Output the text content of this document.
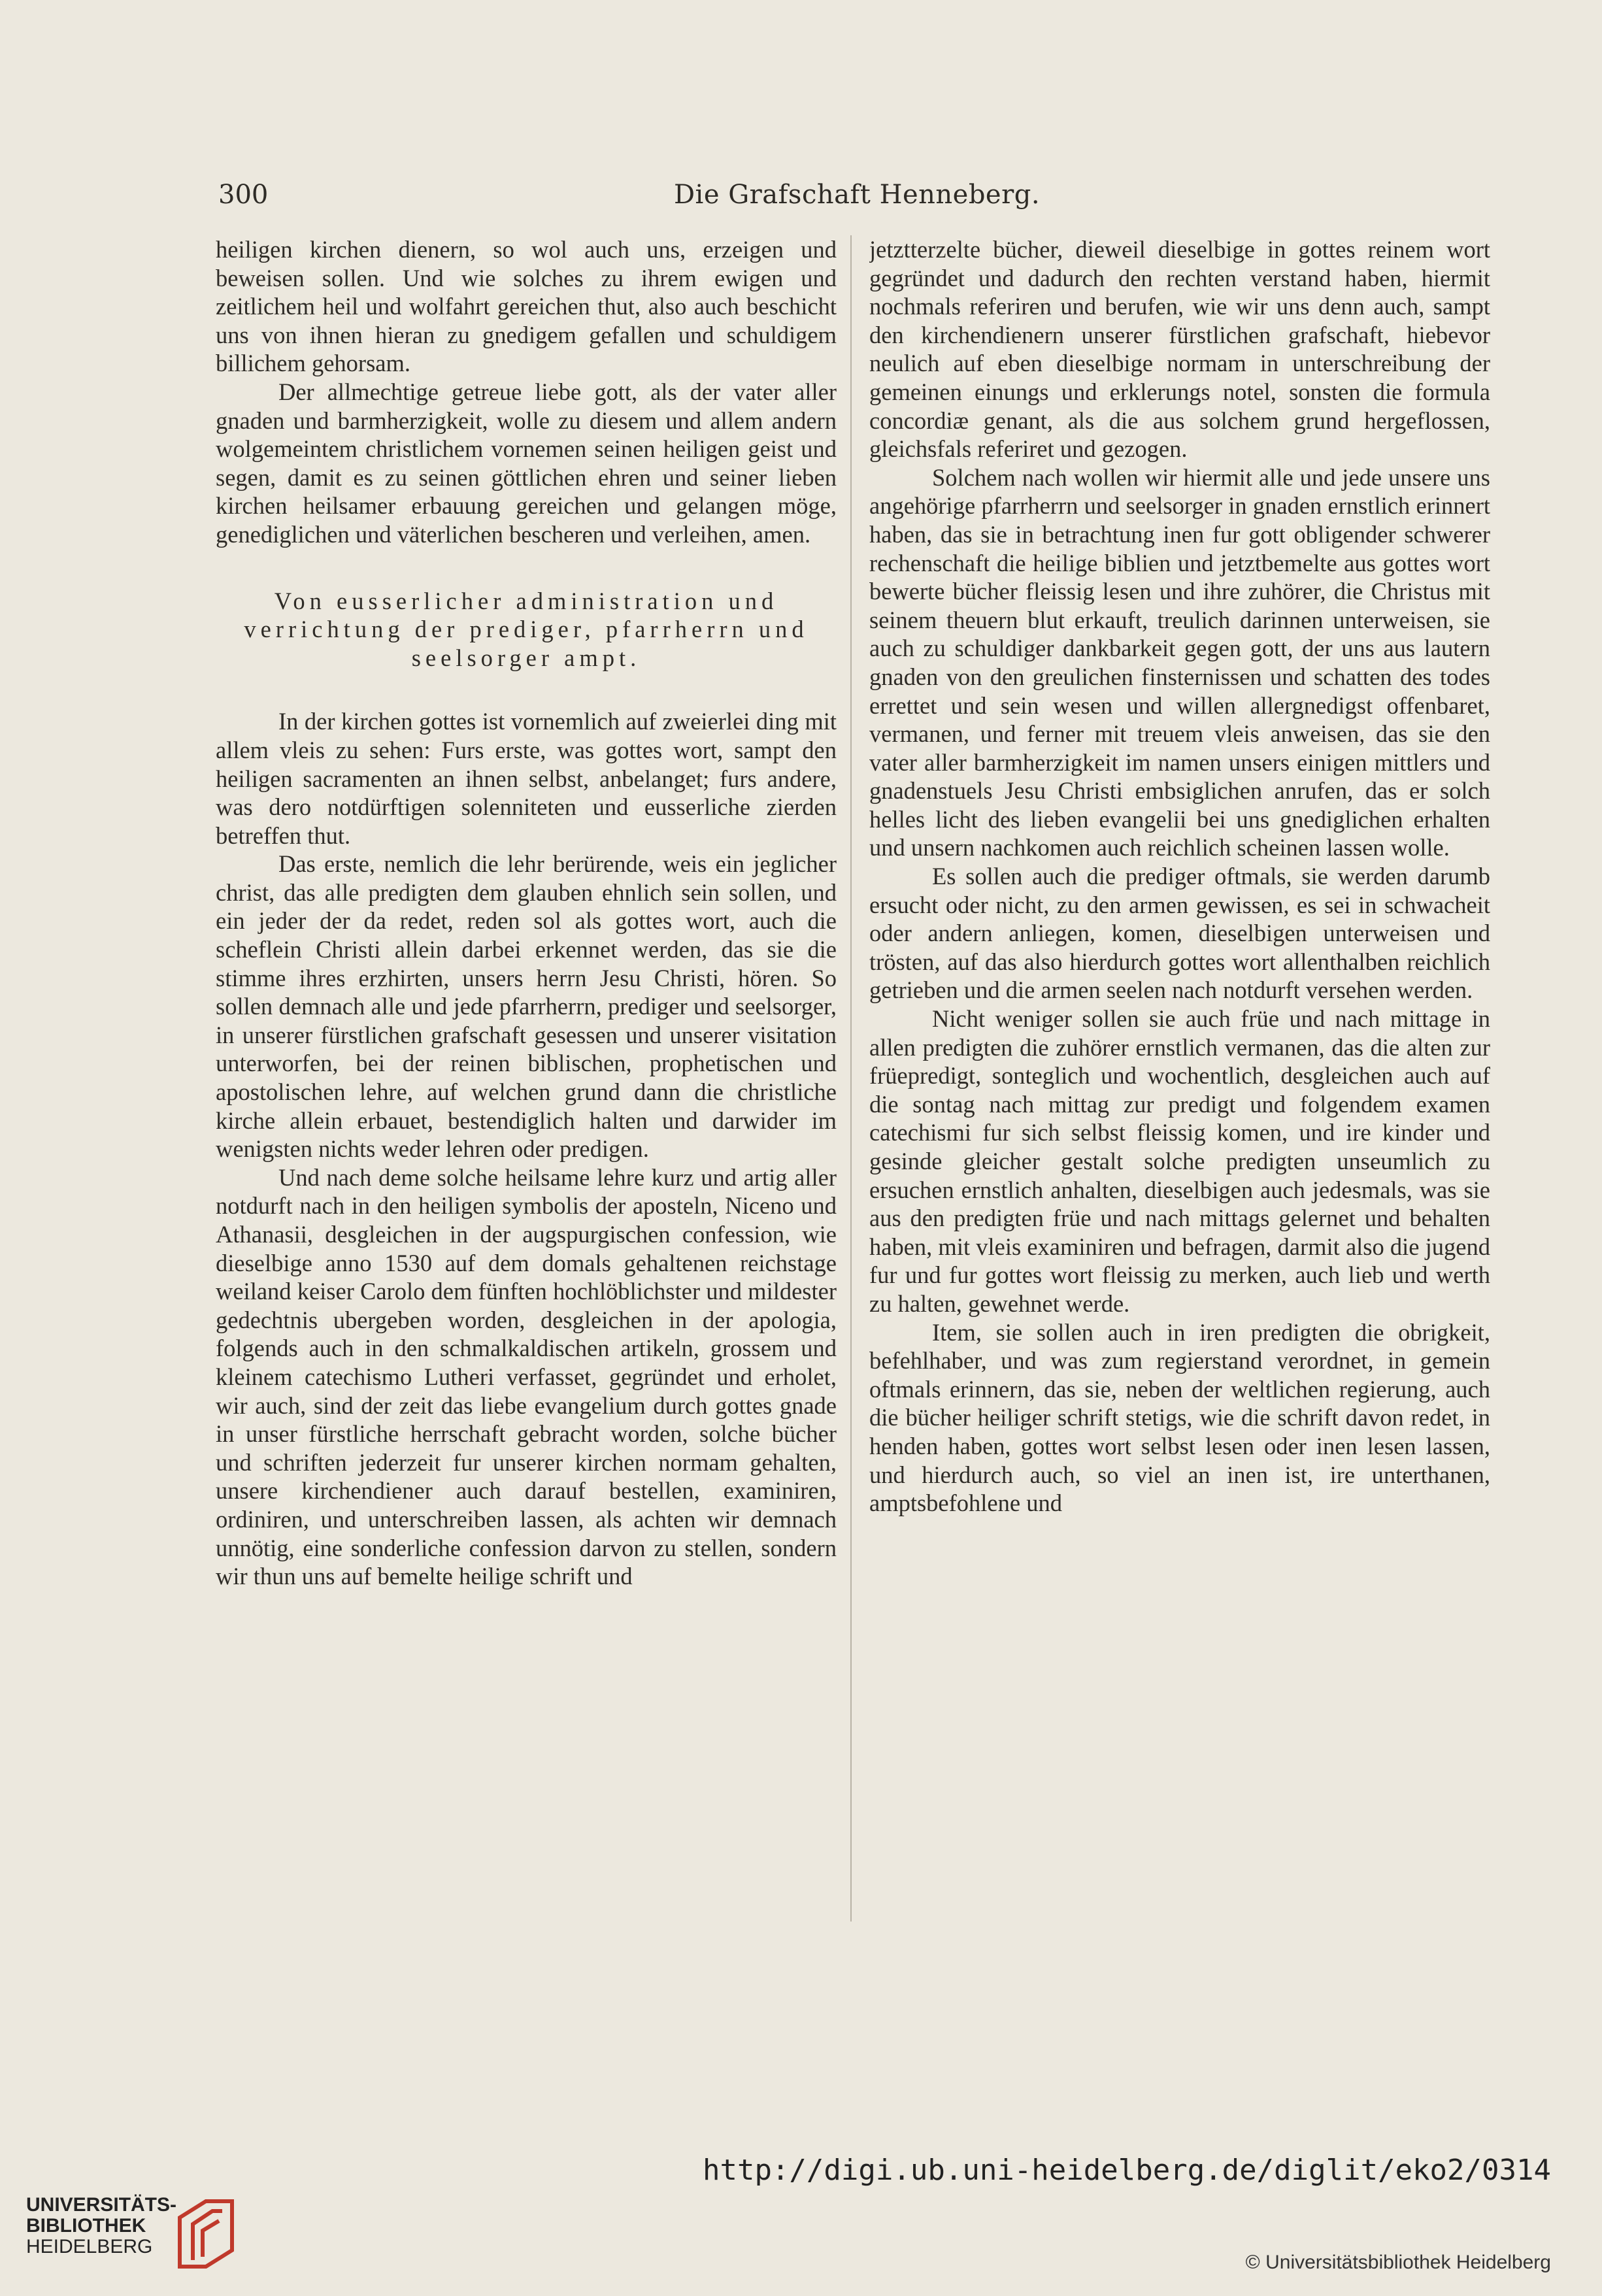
300	Die Grafschaft Henneberg.

heiligen kirchen dienern, so wol auch uns, erzeigen und beweisen sollen. Und wie solches zu ihrem ewigen und zeitlichem heil und wolfahrt gereichen thut, also auch beschicht uns von ihnen hieran zu gnedigem gefallen und schuldigem billichem gehorsam.

Der allmechtige getreue liebe gott, als der vater aller gnaden und barmherzigkeit, wolle zu diesem und allem andern wolgemeintem christlichem vornemen seinen heiligen geist und segen, damit es zu seinen göttlichen ehren und seiner lieben kirchen heilsamer erbauung gereichen und gelangen möge, genediglichen und väterlichen bescheren und verleihen, amen.

Von eusserlicher administration und verrichtung der prediger, pfarrherrn und seelsorger ampt.

In der kirchen gottes ist vornemlich auf zweierlei ding mit allem vleis zu sehen: Furs erste, was gottes wort, sampt den heiligen sacramenten an ihnen selbst, anbelanget; furs andere, was dero notdürftigen solenniteten und eusserliche zierden betreffen thut.

Das erste, nemlich die lehr berürende, weis ein jeglicher christ, das alle predigten dem glauben ehnlich sein sollen, und ein jeder der da redet, reden sol als gottes wort, auch die scheflein Christi allein darbei erkennet werden, das sie die stimme ihres erzhirten, unsers herrn Jesu Christi, hören. So sollen demnach alle und jede pfarrherrn, prediger und seelsorger, in unserer fürstlichen grafschaft gesessen und unserer visitation unterworfen, bei der reinen biblischen, prophetischen und apostolischen lehre, auf welchen grund dann die christliche kirche allein erbauet, bestendiglich halten und darwider im wenigsten nichts weder lehren oder predigen.

Und nach deme solche heilsame lehre kurz und artig aller notdurft nach in den heiligen symbolis der aposteln, Niceno und Athanasii, desgleichen in der augspurgischen confession, wie dieselbige anno 1530 auf dem domals gehaltenen reichstage weiland keiser Carolo dem fünften hochlöblichster und mildester gedechtnis ubergeben worden, desgleichen in der apologia, folgends auch in den schmalkaldischen artikeln, grossem und kleinem catechismo Lutheri verfasset, gegründet und erholet, wir auch, sind der zeit das liebe evangelium durch gottes gnade in unser fürstliche herrschaft gebracht worden, solche bücher und schriften jederzeit fur unserer kirchen normam gehalten, unsere kirchendiener auch darauf bestellen, examiniren, ordiniren, und unterschreiben lassen, als achten wir demnach unnötig, eine sonderliche confession darvon zu stellen, sondern wir thun uns auf bemelte heilige schrift und

jetztterzelte bücher, dieweil dieselbige in gottes reinem wort gegründet und dadurch den rechten verstand haben, hiermit nochmals referiren und berufen, wie wir uns denn auch, sampt den kirchendienern unserer fürstlichen grafschaft, hiebevor neulich auf eben dieselbige normam in unterschreibung der gemeinen einungs und erklerungs notel, sonsten die formula concordiæ genant, als die aus solchem grund hergeflossen, gleichsfals referiret und gezogen.

Solchem nach wollen wir hiermit alle und jede unsere uns angehörige pfarrherrn und seelsorger in gnaden ernstlich erinnert haben, das sie in betrachtung inen fur gott obligender schwerer rechenschaft die heilige biblien und jetztbemelte aus gottes wort bewerte bücher fleissig lesen und ihre zuhörer, die Christus mit seinem theuern blut erkauft, treulich darinnen unterweisen, sie auch zu schuldiger dankbarkeit gegen gott, der uns aus lautern gnaden von den greulichen finsternissen und schatten des todes errettet und sein wesen und willen allergnedigst offenbaret, vermanen, und ferner mit treuem vleis anweisen, das sie den vater aller barmherzigkeit im namen unsers einigen mittlers und gnadenstuels Jesu Christi embsiglichen anrufen, das er solch helles licht des lieben evangelii bei uns gnediglichen erhalten und unsern nachkomen auch reichlich scheinen lassen wolle.

Es sollen auch die prediger oftmals, sie werden darumb ersucht oder nicht, zu den armen gewissen, es sei in schwacheit oder andern anliegen, komen, dieselbigen unterweisen und trösten, auf das also hierdurch gottes wort allenthalben reichlich getrieben und die armen seelen nach notdurft versehen werden.

Nicht weniger sollen sie auch früe und nach mittage in allen predigten die zuhörer ernstlich vermanen, das die alten zur früepredigt, sonteglich und wochentlich, desgleichen auch auf die sontag nach mittag zur predigt und folgendem examen catechismi fur sich selbst fleissig komen, und ire kinder und gesinde gleicher gestalt solche predigten unseumlich zu ersuchen ernstlich anhalten, dieselbigen auch jedesmals, was sie aus den predigten früe und nach mittags gelernet und behalten haben, mit vleis examiniren und befragen, darmit also die jugend fur und fur gottes wort fleissig zu merken, auch lieb und werth zu halten, gewehnet werde.

Item, sie sollen auch in iren predigten die obrigkeit, befehlhaber, und was zum regierstand verordnet, in gemein oftmals erinnern, das sie, neben der weltlichen regierung, auch die bücher heiliger schrift stetigs, wie die schrift davon redet, in henden haben, gottes wort selbst lesen oder inen lesen lassen, und hierdurch auch, so viel an inen ist, ire unterthanen, amptsbefohlene und

UNIVERSITÄTS-
BIBLIOTHEK
HEIDELBERG
http://digi.ub.uni-heidelberg.de/diglit/eko2/0314
© Universitätsbibliothek Heidelberg
